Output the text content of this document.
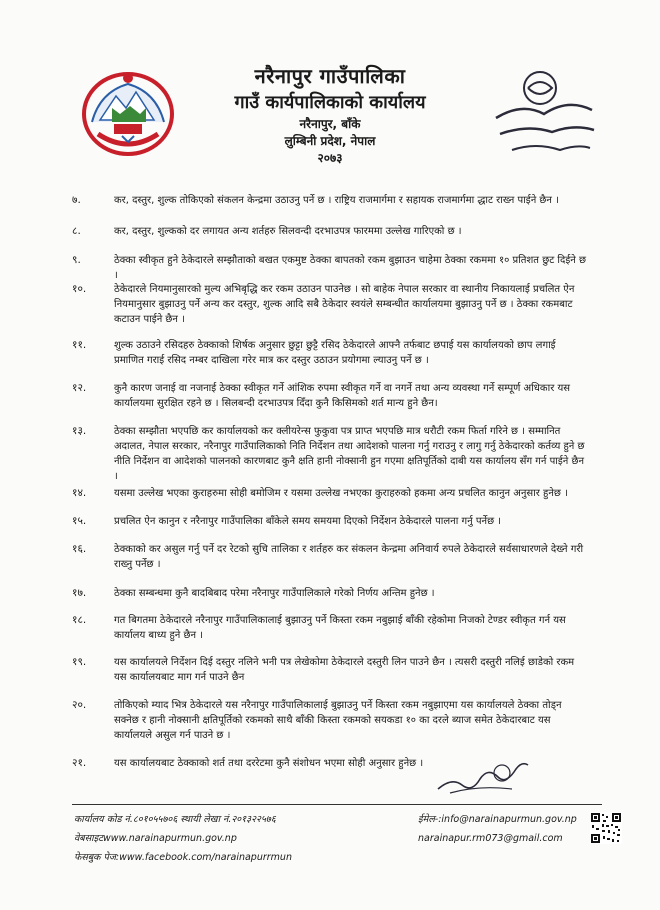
नरैनापुर गाउँपालिका
गाउँ कार्यपालिकाको कार्यालय
नरैनापुर, बाँके
लुम्बिनी प्रदेश, नेपाल
२०७३
७.	कर, दस्तुर, शुल्क तोकिएको संकलन केन्द्रमा उठाउनु पर्ने छ । राष्ट्रिय राजमार्गमा र सहायक राजमार्गमा द्धाट राख्न पाईने छैन ।
८.	कर, दस्तुर, शुल्कको दर लगायत अन्य शर्तहरु सिलवन्दी दरभाउपत्र फारममा उल्लेख गारिएको छ ।
९.	ठेक्का स्वीकृत हुने ठेकेदारले सम्झौताको बखत एकमुष्ट ठेक्का बापतको रकम बुझाउन चाहेमा ठेक्का रकममा १० प्रतिशत छुट दिईने छ ।
१०.	ठेकेदारले नियमानुसारको मुल्य अभिबृद्धि कर रकम उठाउन पाउनेछ । सो बाहेक नेपाल सरकार वा स्थानीय निकायलाई प्रचलित ऐन नियमानुसार बुझाउनु पर्ने अन्य कर दस्तुर, शुल्क आदि सबै ठेकेदार स्वयंले सम्बन्धीत कार्यालयमा बुझाउनु पर्ने छ । ठेक्का रकमबाट कटाउन पाईने छैन ।
११.	शुल्क उठाउने रसिदहरु ठेक्काको शिर्षक अनुसार छुट्टा छुट्टै रसिद ठेकेदारले आफ्नै तर्फबाट छपाई यस कार्यालयको छाप लगाई प्रमाणित गराई रसिद नम्बर दाखिला गरेर मात्र कर दस्तुर उठाउन प्रयोगमा ल्याउनु पर्ने छ ।
१२.	कुनै कारण जनाई वा नजनाई ठेक्का स्वीकृत गर्ने आंशिक रुपमा स्वीकृत गर्ने वा नगर्ने तथा अन्य व्यवस्था गर्ने सम्पूर्ण अधिकार यस कार्यालयमा सुरक्षित रहने छ । सिलबन्दी दरभाउपत्र दिँदा कुनै किसिमको शर्त मान्य हुने छैन।
१३.	ठेक्का सम्झौता भएपछि कर कार्यालयको कर क्लीयरेन्स फुकुवा पत्र प्राप्त भएपछि मात्र धरौटी रकम फिर्ता गरिने छ । सम्मानित अदालत, नेपाल सरकार, नरैनापुर गाउँपालिकाको निति निर्देशन तथा आदेशको पालना गर्नु गराउनु र लागु गर्नु ठेकेदारको कर्तव्य हुने छ नीति निर्देशन वा आदेशको पालनको कारणबाट कुनै क्षति हानी नोक्सानी हुन गएमा क्षतिपूर्तिको दाबी यस कार्यालय सँग गर्न पाईने छैन ।
१४.	यसमा उल्लेख भएका कुराहरुमा सोही बमोजिम र यसमा उल्लेख नभएका कुराहरुको हकमा अन्य प्रचलित कानुन अनुसार हुनेछ ।
१५.	प्रचलित ऐन कानुन र नरैनापुर गाउँपालिका बाँकेले समय समयमा दिएको निर्देशन ठेकेदारले पालना गर्नु पर्नेछ ।
१६.	ठेक्काको कर असुल गर्नु पर्ने दर रेटको सुचि तालिका र शर्तहरु कर संकलन केन्द्रमा अनिवार्य रुपले ठेकेदारले सर्वसाधारणले देख्ने गरी राख्नु पर्नेछ ।
१७.	ठेक्का सम्बन्धमा कुनै बादबिबाद परेमा नरैनापुर गाउँपालिकाले गरेको निर्णय अन्तिम हुनेछ ।
१८.	गत बिगतमा ठेकेदारले नरैनापुर गाउँपालिकालाई बुझाउनु पर्ने किस्ता रकम नबुझाई बाँकी रहेकोमा निजको टेण्डर स्वीकृत गर्न यस कार्यालय बाध्य हुने छैन ।
१९.	यस कार्यालयले निर्देशन दिई दस्तुर नलिने भनी पत्र लेखेकोमा ठेकेदारले दस्तुरी लिन पाउने छैन । त्यसरी दस्तुरी नलिई छाडेको रकम यस कार्यालयबाट माग गर्न पाउने छैन
२०.	तोकिएको म्याद भित्र ठेकेदारले यस नरैनापुर गाउँपालिकालाई बुझाउनु पर्ने किस्ता रकम नबुझाएमा यस कार्यालयले ठेक्का तोड्न सक्नेछ र हानी नोक्सानी क्षतिपूर्तिको रकमको साथै बाँकी किस्ता रकमको सयकडा १० का दरले ब्याज समेत ठेकेदारबाट यस कार्यालयले असुल गर्न पाउने छ ।
२१.	यस कार्यालयबाट ठेक्काको शर्त तथा दररेटमा कुनै संशोधन भएमा सोही अनुसार हुनेछ ।
कार्यालय कोड नं.८०१०५५७०६ स्थायी लेखा नं.२०१३२२५७६
वेबसाइटwww.narainapurmun.gov.np
फेसबुक पेज:www.facebook.com/narainapurrmun
ईमेल-:info@narainapurmun.gov.np
narainapur.rm073@gmail.com
